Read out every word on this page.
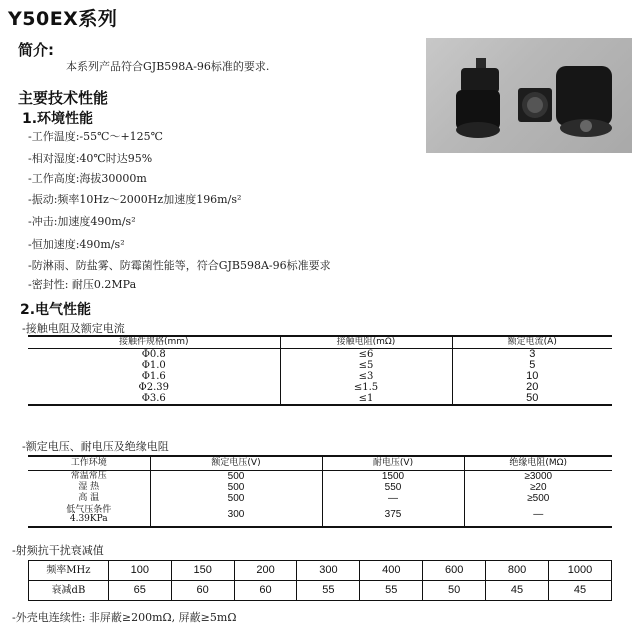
Y50EX系列
简介:
本系列产品符合GJB598A-96标准的要求.
主要技术性能
1.环境性能
-工作温度:-55℃～+125℃
-相对湿度:40℃时达95%
-工作高度:海拔30000m
-振动:频率10Hz～2000Hz加速度196m/s²
-冲击:加速度490m/s²
-恒加速度:490m/s²
-防淋雨、防盐雾、防霉菌性能等，符合GJB598A-96标准要求
-密封性: 耐压0.2MPa
2.电气性能
-接触电阻及额定电流
接触件规格(mm)	接触电阻(mΩ)	额定电流(A)
Φ0.8	≤6	3
Φ1.0	≤5	5
Φ1.6	≤3	10
Φ2.39	≤1.5	20
Φ3.6	≤1	50
-额定电压、耐电压及绝缘电阻
工作环境	额定电压(V)	耐电压(V)	绝缘电阻(MΩ)
常温常压	500	1500	≥3000
湿 热	500	550	≥20
高 温	500	—	≥500
低气压条件
4.39KPa	300	375	—
-射频抗干扰衰减值
频率MHz	100	150	200	300	400	600	800	1000
衰减dB	65	60	60	55	55	50	45	45
-外壳电连续性: 非屏蔽≥200mΩ, 屏蔽≥5mΩ
